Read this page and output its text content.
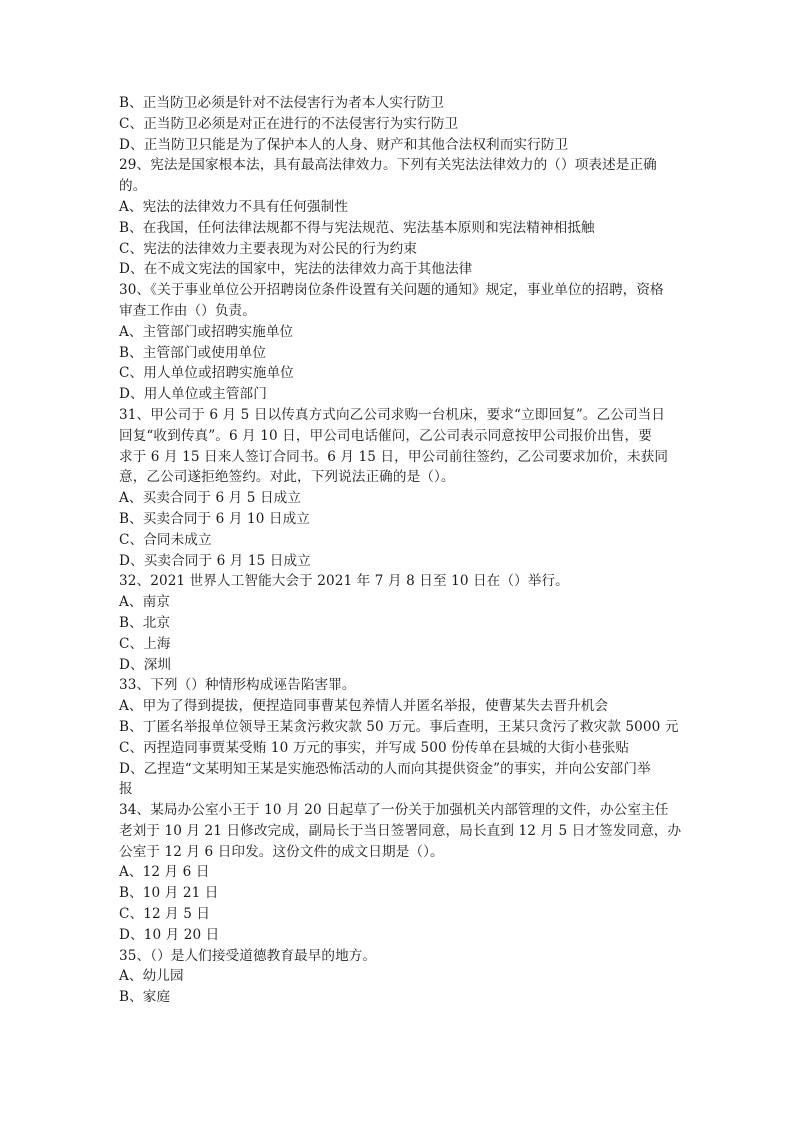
B、正当防卫必须是针对不法侵害行为者本人实行防卫
C、正当防卫必须是对正在进行的不法侵害行为实行防卫
D、正当防卫只能是为了保护本人的人身、财产和其他合法权利而实行防卫
29、宪法是国家根本法，具有最高法律效力。下列有关宪法法律效力的（）项表述是正确
的。
A、宪法的法律效力不具有任何强制性
B、在我国，任何法律法规都不得与宪法规范、宪法基本原则和宪法精神相抵触
C、宪法的法律效力主要表现为对公民的行为约束
D、在不成文宪法的国家中，宪法的法律效力高于其他法律
30、《关于事业单位公开招聘岗位条件设置有关问题的通知》规定，事业单位的招聘，资格
审查工作由（）负责。
A、主管部门或招聘实施单位
B、主管部门或使用单位
C、用人单位或招聘实施单位
D、用人单位或主管部门
31、甲公司于 6 月 5 日以传真方式向乙公司求购一台机床，要求“立即回复”。乙公司当日
回复“收到传真”。6 月 10 日，甲公司电话催问，乙公司表示同意按甲公司报价出售，要
求于 6 月 15 日来人签订合同书。6 月 15 日，甲公司前往签约，乙公司要求加价，未获同
意，乙公司遂拒绝签约。对此，下列说法正确的是（）。
A、买卖合同于 6 月 5 日成立
B、买卖合同于 6 月 10 日成立
C、合同未成立
D、买卖合同于 6 月 15 日成立
32、2021 世界人工智能大会于 2021 年 7 月 8 日至 10 日在（）举行。
A、南京
B、北京
C、上海
D、深圳
33、下列（）种情形构成诬告陷害罪。
A、甲为了得到提拔，便捏造同事曹某包养情人并匿名举报，使曹某失去晋升机会
B、丁匿名举报单位领导王某贪污救灾款 50 万元。事后查明，王某只贪污了救灾款 5000 元
C、丙捏造同事贾某受贿 10 万元的事实，并写成 500 份传单在县城的大街小巷张贴
D、乙捏造“文某明知王某是实施恐怖活动的人而向其提供资金”的事实，并向公安部门举
报
34、某局办公室小王于 10 月 20 日起草了一份关于加强机关内部管理的文件，办公室主任
老刘于 10 月 21 日修改完成，副局长于当日签署同意，局长直到 12 月 5 日才签发同意，办
公室于 12 月 6 日印发。这份文件的成文日期是（）。
A、12 月 6 日
B、10 月 21 日
C、12 月 5 日
D、10 月 20 日
35、（）是人们接受道德教育最早的地方。
A、幼儿园
B、家庭
